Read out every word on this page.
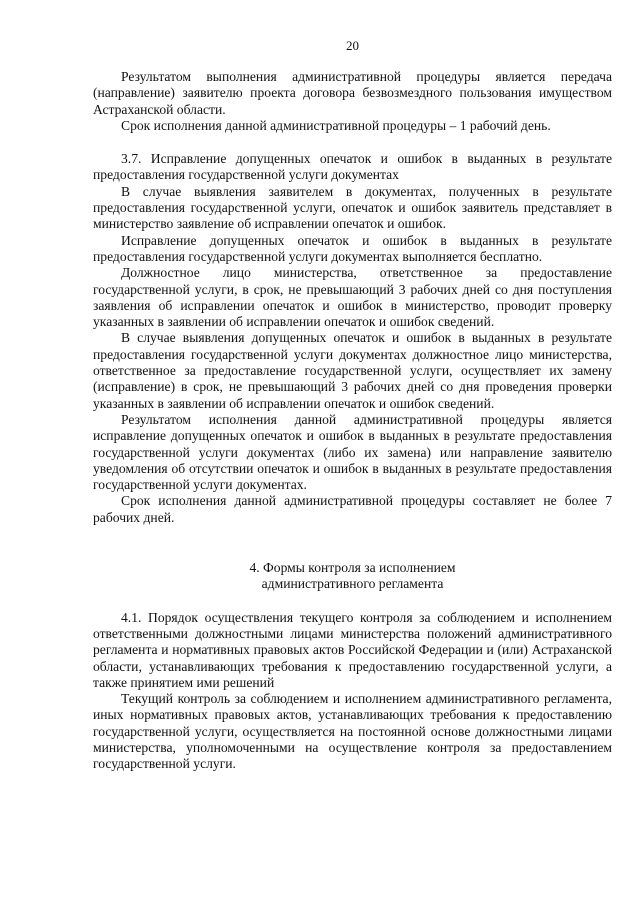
20

Результатом выполнения административной процедуры является передача (направление) заявителю проекта договора безвозмездного пользования имуществом Астраханской области.

Срок исполнения данной административной процедуры – 1 рабочий день.

3.7. Исправление допущенных опечаток и ошибок в выданных в результате предоставления государственной услуги документах

В случае выявления заявителем в документах, полученных в результате предоставления государственной услуги, опечаток и ошибок заявитель представляет в министерство заявление об исправлении опечаток и ошибок.

Исправление допущенных опечаток и ошибок в выданных в результате предоставления государственной услуги документах выполняется бесплатно.

Должностное лицо министерства, ответственное за предоставление государственной услуги, в срок, не превышающий 3 рабочих дней со дня поступления заявления об исправлении опечаток и ошибок в министерство, проводит проверку указанных в заявлении об исправлении опечаток и ошибок сведений.

В случае выявления допущенных опечаток и ошибок в выданных в результате предоставления государственной услуги документах должностное лицо министерства, ответственное за предоставление государственной услуги, осуществляет их замену (исправление) в срок, не превышающий 3 рабочих дней со дня проведения проверки указанных в заявлении об исправлении опечаток и ошибок сведений.

Результатом исполнения данной административной процедуры является исправление допущенных опечаток и ошибок в выданных в результате предоставления государственной услуги документах (либо их замена) или направление заявителю уведомления об отсутствии опечаток и ошибок в выданных в результате предоставления государственной услуги документах.

Срок исполнения данной административной процедуры составляет не более 7 рабочих дней.

4. Формы контроля за исполнением
административного регламента

4.1. Порядок осуществления текущего контроля за соблюдением и исполнением ответственными должностными лицами министерства положений административного регламента и нормативных правовых актов Российской Федерации и (или) Астраханской области, устанавливающих требования к предоставлению государственной услуги, а также принятием ими решений

Текущий контроль за соблюдением и исполнением административного регламента, иных нормативных правовых актов, устанавливающих требования к предоставлению государственной услуги, осуществляется на постоянной основе должностными лицами министерства, уполномоченными на осуществление контроля за предоставлением государственной услуги.
